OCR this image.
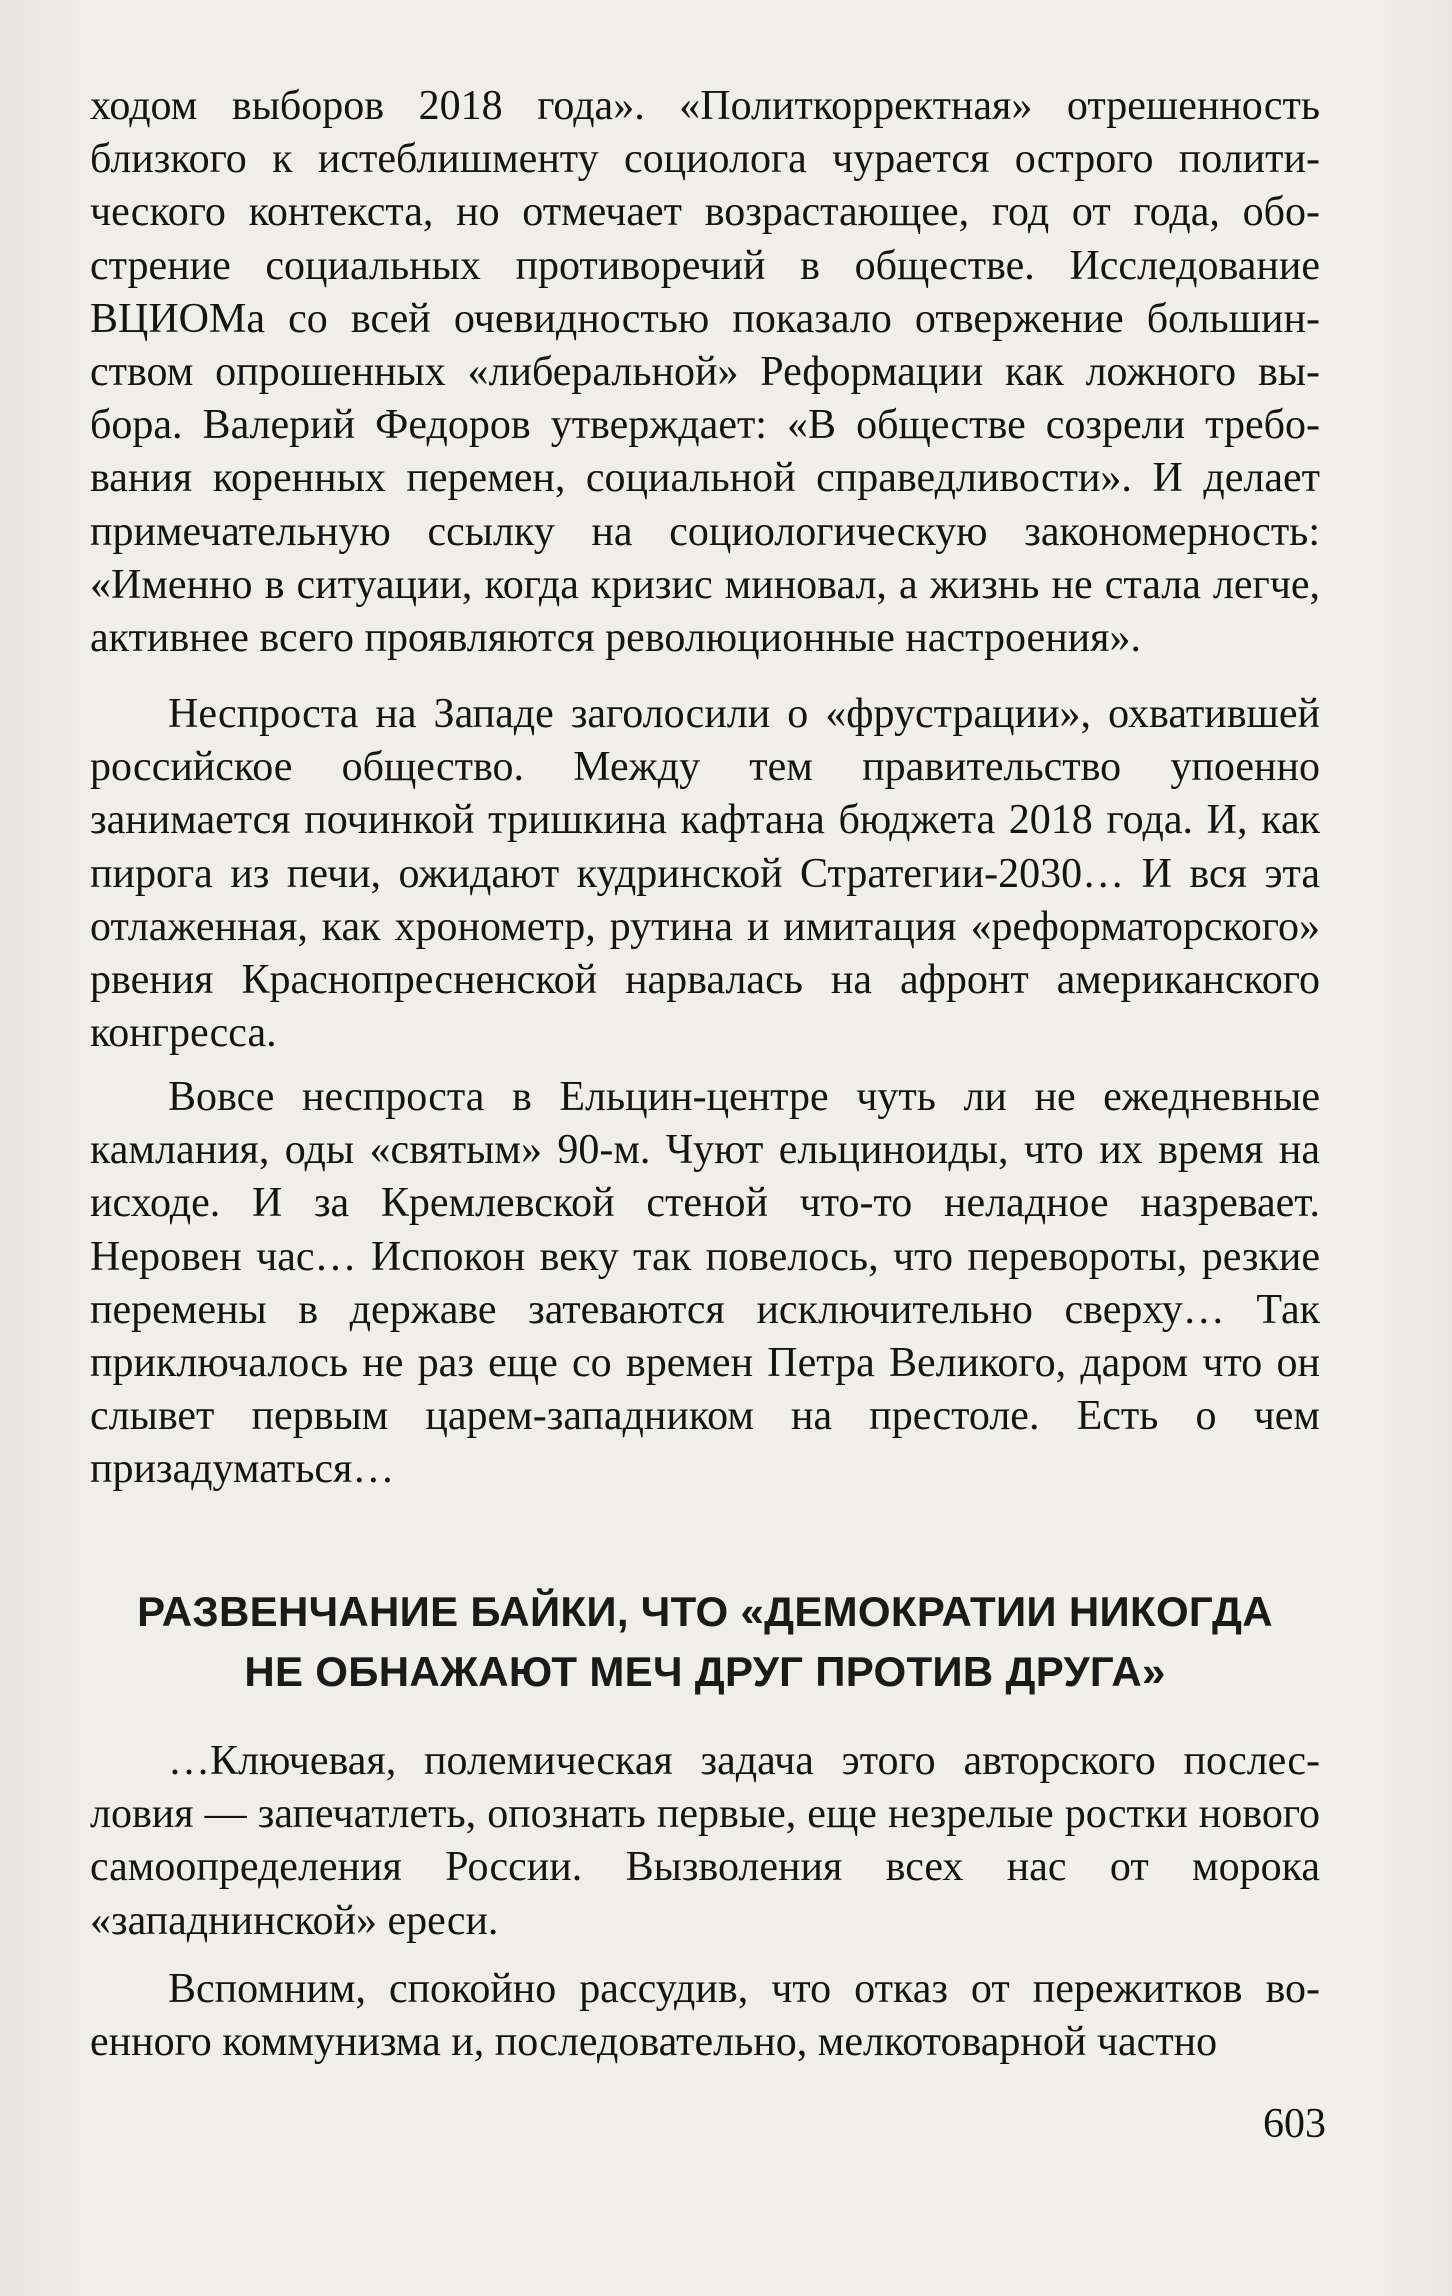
ходом выборов 2018 года». «Политкорректная» отрешенность близкого к истеблишменту социолога чурается острого политического контекста, но отмечает возрастающее, год от года, обострение социальных противоречий в обществе. Исследование ВЦИОМа со всей очевидностью показало отвержение большинством опрошенных «либеральной» Реформации как ложного выбора. Валерий Федоров утверждает: «В обществе созрели требования коренных перемен, социальной справедливости». И делает примечательную ссылку на социологическую закономерность: «Именно в ситуации, когда кризис миновал, а жизнь не стала легче, активнее всего проявляются революционные настроения».

Неспроста на Западе заголосили о «фрустрации», охватившей российское общество. Между тем правительство упоенно занимается починкой тришкина кафтана бюджета 2018 года. И, как пирога из печи, ожидают кудринской Стратегии-2030… И вся эта отлаженная, как хронометр, рутина и имитация «реформаторского» рвения Краснопресненской нарвалась на афронт американского конгресса.

Вовсе неспроста в Ельцин-центре чуть ли не ежедневные камлания, оды «святым» 90-м. Чуют ельциноиды, что их время на исходе. И за Кремлевской стеной что-то неладное назревает. Неровен час… Испокон веку так повелось, что перевороты, резкие перемены в державе затеваются исключительно сверху… Так приключалось не раз еще со времен Петра Великого, даром что он слывет первым царем-западником на престоле. Есть о чем призадуматься…

РАЗВЕНЧАНИЕ БАЙКИ, ЧТО «ДЕМОКРАТИИ НИКОГДА
НЕ ОБНАЖАЮТ МЕЧ ДРУГ ПРОТИВ ДРУГА»

…Ключевая, полемическая задача этого авторского послесловия — запечатлеть, опознать первые, еще незрелые ростки нового самоопределения России. Вызволения всех нас от морока «западнинской» ереси.

Вспомним, спокойно рассудив, что отказ от пережитков военного коммунизма и, последовательно, мелкотоварной частно

603
